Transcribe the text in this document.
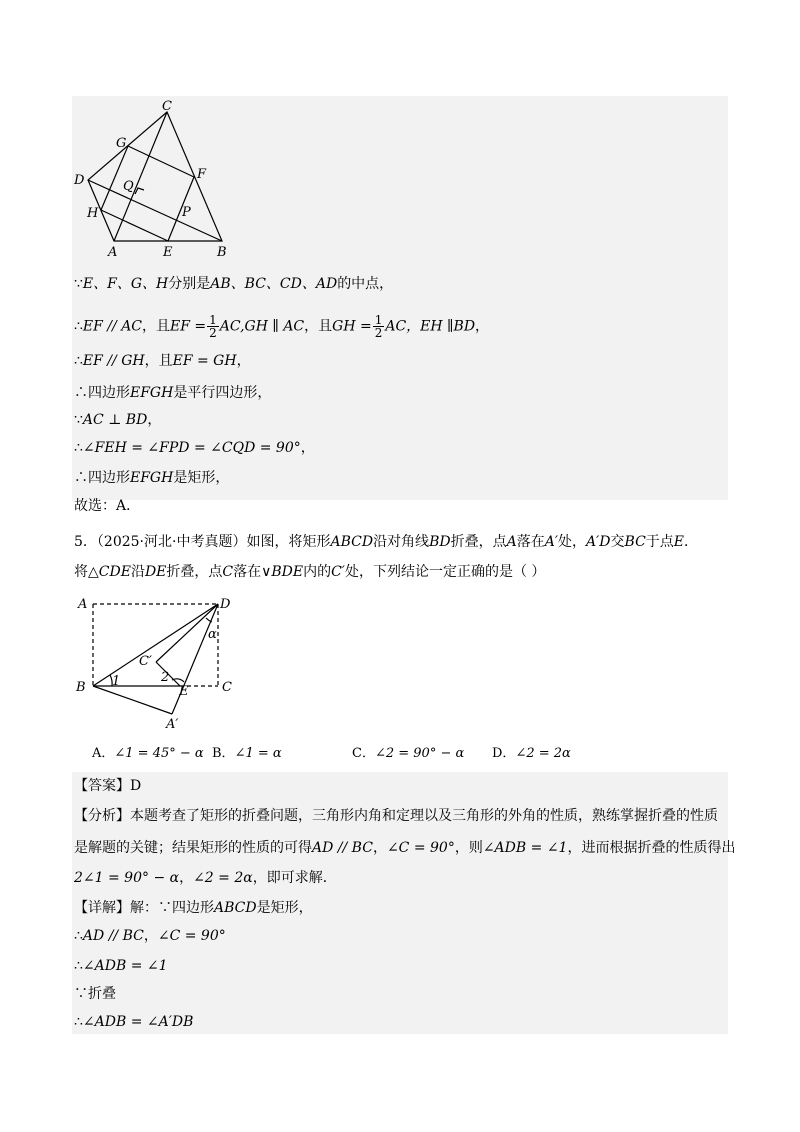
C
G
F
D	Q
H	P
A	E	B
∵E、F、G、H分别是AB、BC、CD、AD的中点，
∴EF // AC，且EF = $\frac{1}{2} AC,GH$ ∥ AC，且GH = $\frac{1}{2}$ AC，EH ∥BD，
∴EF // GH，且EF = GH，
∴四边形EFGH是平行四边形，
∵AC ⊥ BD，
∴∠FEH = ∠FPD = ∠CQD = 90°，
∴四边形EFGH是矩形，
故选：A．
5．（2025·河北·中考真题）如图，将矩形ABCD沿对角线BD折叠，点A落在A′处，A′D交BC于点E．
将△CDE沿DE折叠，点C落在∨BDE内的C′处，下列结论一定正确的是（ ）
A	D
α
C′
B 1	2
E	C
A′
A．∠1 = 45° − α B．∠1 = α	C．∠2 = 90° − α D．∠2 = 2α
【答案】D
【分析】本题考查了矩形的折叠问题，三角形内角和定理以及三角形的外角的性质，熟练掌握折叠的性质
是解题的关键；结果矩形的性质的可得AD // BC，∠C = 90°，则∠ADB = ∠1，进而根据折叠的性质得出
2∠1 = 90° − α，∠2 = 2α，即可求解．
【详解】解：∵四边形ABCD是矩形，
∴AD // BC，∠C = 90°
∴∠ADB = ∠1
∵折叠
∴∠ADB = ∠A′DB
